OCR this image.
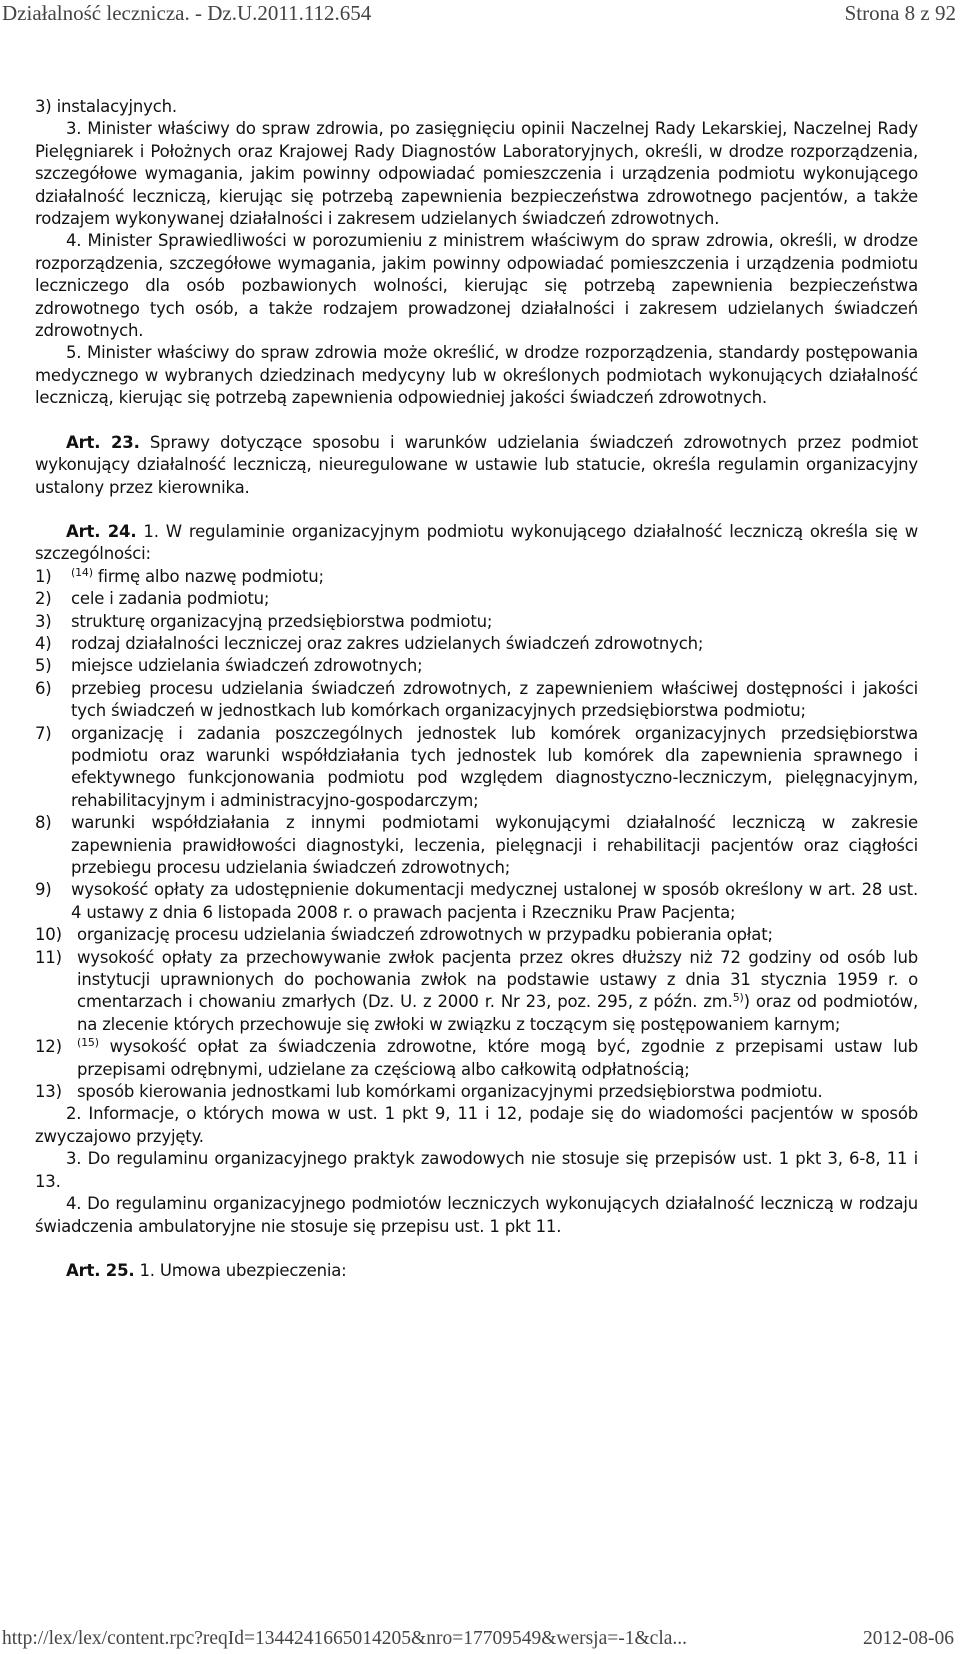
Działalność lecznicza. - Dz.U.2011.112.654	Strona 8 z 92

3) instalacyjnych.

3. Minister właściwy do spraw zdrowia, po zasięgnięciu opinii Naczelnej Rady Lekarskiej, Naczelnej Rady Pielęgniarek i Położnych oraz Krajowej Rady Diagnostów Laboratoryjnych, określi, w drodze rozporządzenia, szczegółowe wymagania, jakim powinny odpowiadać pomieszczenia i urządzenia podmiotu wykonującego działalność leczniczą, kierując się potrzebą zapewnienia bezpieczeństwa zdrowotnego pacjentów, a także rodzajem wykonywanej działalności i zakresem udzielanych świadczeń zdrowotnych.

4. Minister Sprawiedliwości w porozumieniu z ministrem właściwym do spraw zdrowia, określi, w drodze rozporządzenia, szczegółowe wymagania, jakim powinny odpowiadać pomieszczenia i urządzenia podmiotu leczniczego dla osób pozbawionych wolności, kierując się potrzebą zapewnienia bezpieczeństwa zdrowotnego tych osób, a także rodzajem prowadzonej działalności i zakresem udzielanych świadczeń zdrowotnych.

5. Minister właściwy do spraw zdrowia może określić, w drodze rozporządzenia, standardy postępowania medycznego w wybranych dziedzinach medycyny lub w określonych podmiotach wykonujących działalność leczniczą, kierując się potrzebą zapewnienia odpowiedniej jakości świadczeń zdrowotnych.

Art. 23. Sprawy dotyczące sposobu i warunków udzielania świadczeń zdrowotnych przez podmiot wykonujący działalność leczniczą, nieuregulowane w ustawie lub statucie, określa regulamin organizacyjny ustalony przez kierownika.

Art. 24. 1. W regulaminie organizacyjnym podmiotu wykonującego działalność leczniczą określa się w szczególności:

1)	$^{(14)}$ firmę albo nazwę podmiotu;
2)	cele i zadania podmiotu;
3)	strukturę organizacyjną przedsiębiorstwa podmiotu;
4)	rodzaj działalności leczniczej oraz zakres udzielanych świadczeń zdrowotnych;
5)	miejsce udzielania świadczeń zdrowotnych;
6)	przebieg procesu udzielania świadczeń zdrowotnych, z zapewnieniem właściwej dostępności i jakości tych świadczeń w jednostkach lub komórkach organizacyjnych przedsiębiorstwa podmiotu;
7)	organizację i zadania poszczególnych jednostek lub komórek organizacyjnych przedsiębiorstwa podmiotu oraz warunki współdziałania tych jednostek lub komórek dla zapewnienia sprawnego i efektywnego funkcjonowania podmiotu pod względem diagnostyczno-leczniczym, pielęgnacyjnym, rehabilitacyjnym i administracyjno-gospodarczym;
8)	warunki współdziałania z innymi podmiotami wykonującymi działalność leczniczą w zakresie zapewnienia prawidłowości diagnostyki, leczenia, pielęgnacji i rehabilitacji pacjentów oraz ciągłości przebiegu procesu udzielania świadczeń zdrowotnych;
9)	wysokość opłaty za udostępnienie dokumentacji medycznej ustalonej w sposób określony w art. 28 ust. 4 ustawy z dnia 6 listopada 2008 r. o prawach pacjenta i Rzeczniku Praw Pacjenta;
10) organizację procesu udzielania świadczeń zdrowotnych w przypadku pobierania opłat;
11) wysokość opłaty za przechowywanie zwłok pacjenta przez okres dłuższy niż 72 godziny od osób lub instytucji uprawnionych do pochowania zwłok na podstawie ustawy z dnia 31 stycznia 1959 r. o cmentarzach i chowaniu zmarłych (Dz. U. z 2000 r. Nr 23, poz. 295, z późn. zm.$^{5)}$) oraz od podmiotów, na zlecenie których przechowuje się zwłoki w związku z toczącym się postępowaniem karnym;
12)	$^{(15)}$ wysokość opłat za świadczenia zdrowotne, które mogą być, zgodnie z przepisami ustaw lub przepisami odrębnymi, udzielane za częściową albo całkowitą odpłatnością;
13) sposób kierowania jednostkami lub komórkami organizacyjnymi przedsiębiorstwa podmiotu.

2. Informacje, o których mowa w ust. 1 pkt 9, 11 i 12, podaje się do wiadomości pacjentów w sposób zwyczajowo przyjęty.

3. Do regulaminu organizacyjnego praktyk zawodowych nie stosuje się przepisów ust. 1 pkt 3, 6-8, 11 i 13.

4. Do regulaminu organizacyjnego podmiotów leczniczych wykonujących działalność leczniczą w rodzaju świadczenia ambulatoryjne nie stosuje się przepisu ust. 1 pkt 11.

Art. 25. 1. Umowa ubezpieczenia:

http://lex/lex/content.rpc?reqId=1344241665014205&nro=17709549&wersja=-1&cla...	2012-08-06
